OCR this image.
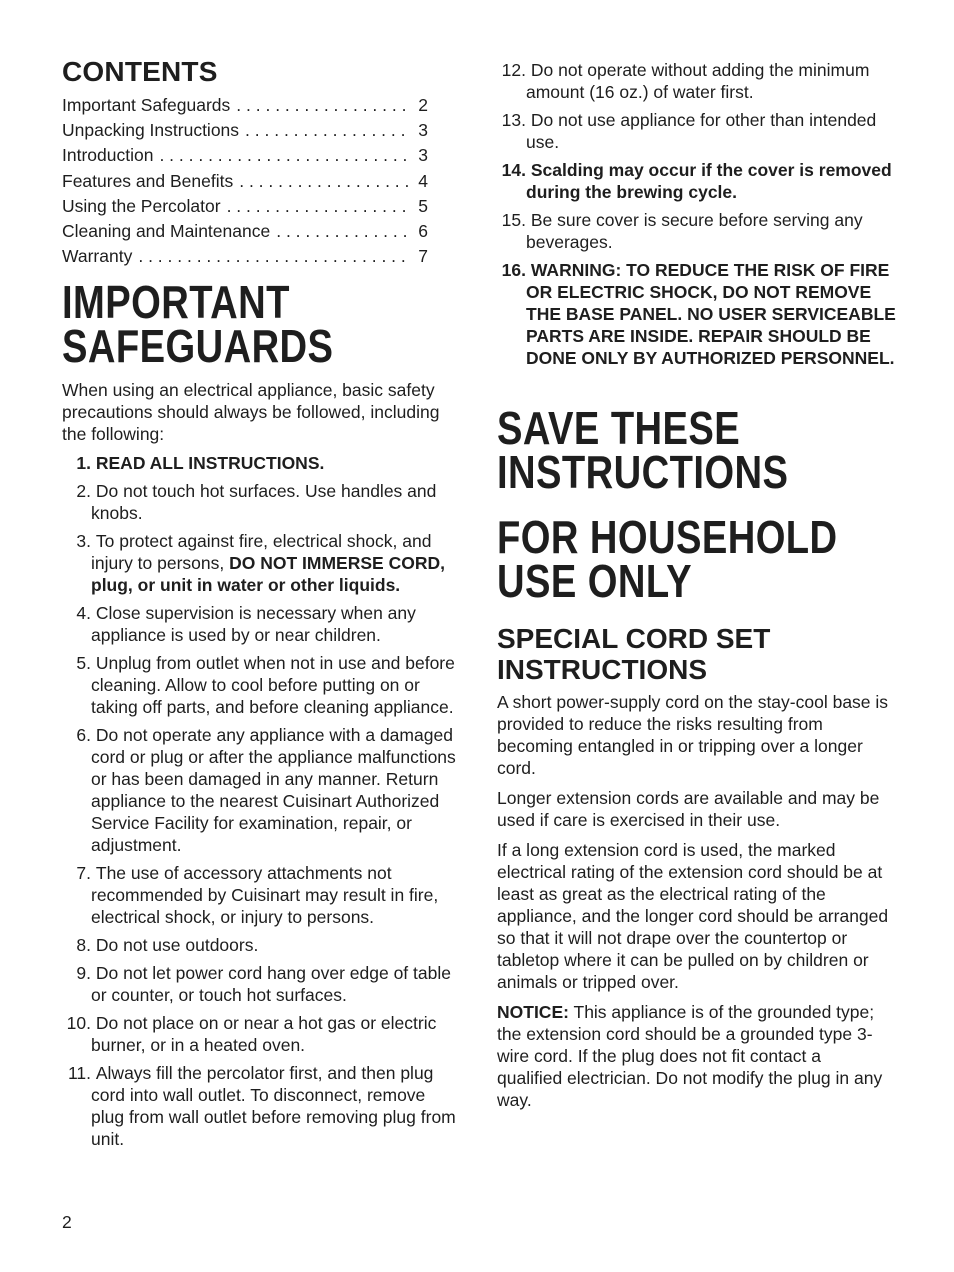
CONTENTS
Important Safeguards . . .	2
Unpacking Instructions . . .	3
Introduction . . .	3
Features and Benefits . . .	4
Using the Percolator . . .	5
Cleaning and Maintenance . . .	6
Warranty . . .	7
IMPORTANT
SAFEGUARDS

When using an electrical appliance, basic safety precautions should always be followed, including the following:

1. READ ALL INSTRUCTIONS.
2. Do not touch hot surfaces. Use handles and knobs.
3. To protect against fire, electrical shock, and injury to persons, DO NOT IMMERSE CORD, plug, or unit in water or other liquids.
4. Close supervision is necessary when any appliance is used by or near children.
5. Unplug from outlet when not in use and before cleaning. Allow to cool before putting on or taking off parts, and before cleaning appliance.
6. Do not operate any appliance with a damaged cord or plug or after the appliance malfunctions or has been damaged in any manner. Return appliance to the nearest Cuisinart Authorized Service Facility for examination, repair, or adjustment.
7. The use of accessory attachments not recommended by Cuisinart may result in fire, electrical shock, or injury to persons.
8. Do not use outdoors.
9. Do not let power cord hang over edge of table or counter, or touch hot surfaces.
10. Do not place on or near a hot gas or electric burner, or in a heated oven.
11. Always fill the percolator first, and then plug cord into wall outlet. To disconnect, remove plug from wall outlet before removing plug from unit.
12. Do not operate without adding the minimum amount (16 oz.) of water first.
13. Do not use appliance for other than intended use.
14. Scalding may occur if the cover is removed during the brewing cycle.
15. Be sure cover is secure before serving any beverages.
16. WARNING: TO REDUCE THE RISK OF FIRE OR ELECTRIC SHOCK, DO NOT REMOVE THE BASE PANEL. NO USER SERVICEABLE PARTS ARE INSIDE. REPAIR SHOULD BE DONE ONLY BY AUTHORIZED PERSONNEL.
SAVE THESE
INSTRUCTIONS
FOR HOUSEHOLD
USE ONLY
SPECIAL CORD SET
INSTRUCTIONS

A short power-supply cord on the stay-cool base is provided to reduce the risks resulting from becoming entangled in or tripping over a longer cord.

Longer extension cords are available and may be used if care is exercised in their use.

If a long extension cord is used, the marked electrical rating of the extension cord should be at least as great as the electrical rating of the appliance, and the longer cord should be arranged so that it will not drape over the countertop or tabletop where it can be pulled on by children or animals or tripped over.

NOTICE: This appliance is of the grounded type; the extension cord should be a grounded type 3-wire cord. If the plug does not fit contact a qualified electrician. Do not modify the plug in any way.

2
